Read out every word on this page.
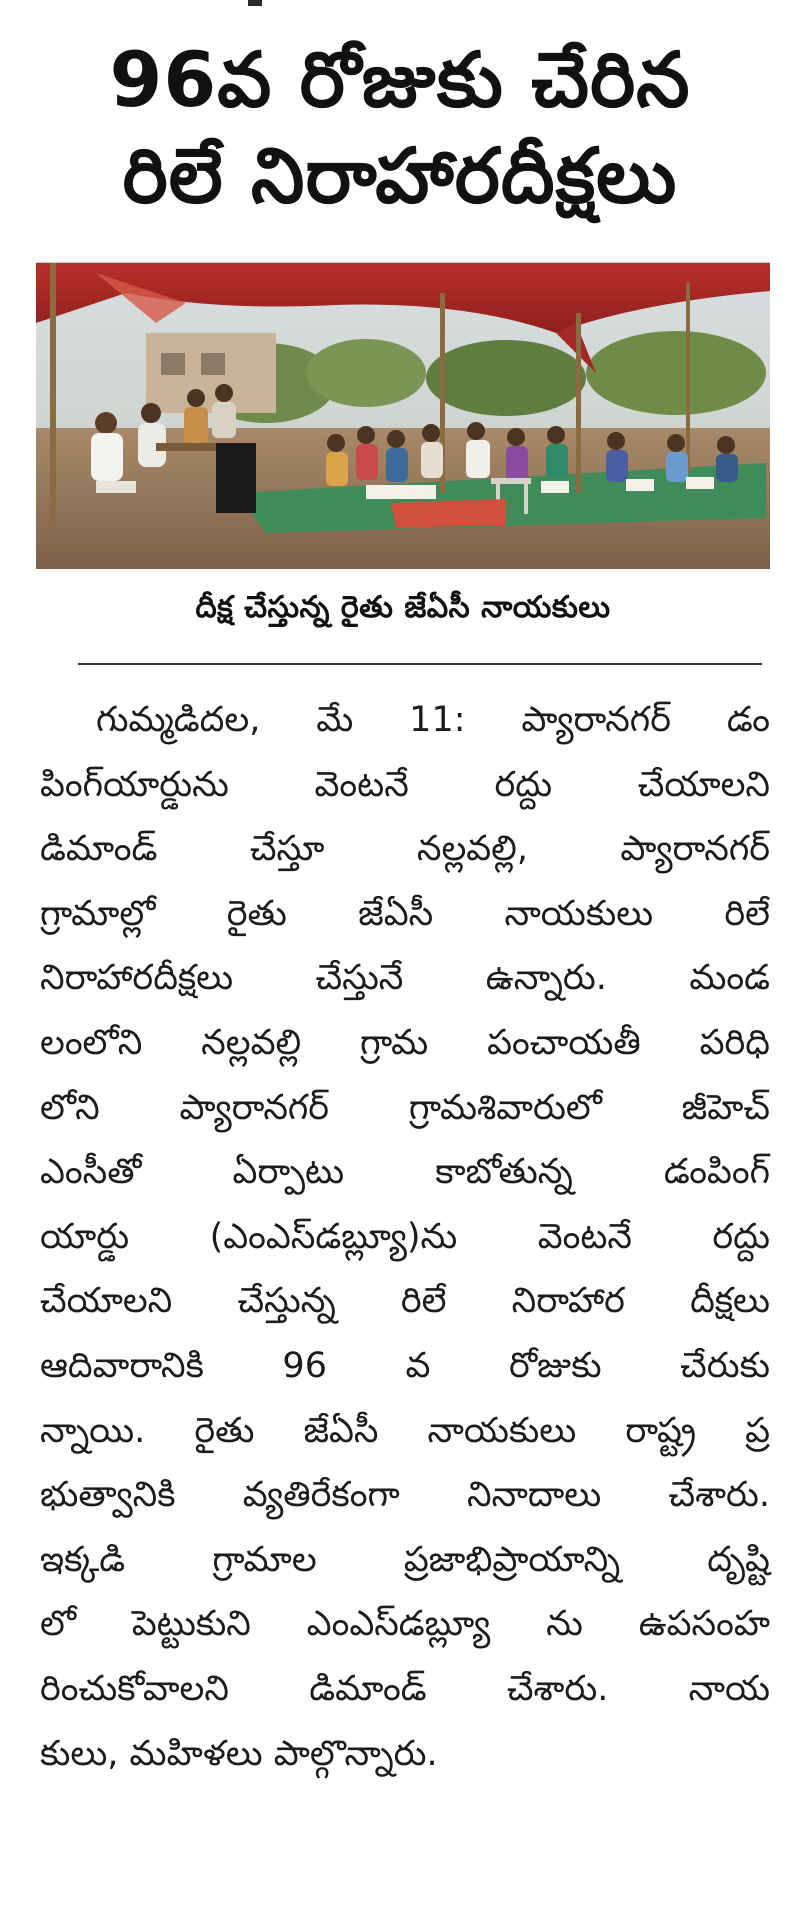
96వ రోజుకు చేరిన
రిలే నిరాహారదీక్షలు
దీక్ష చేస్తున్న రైతు జేఏసీ నాయకులు
గుమ్మడిదల, మే 11: ప్యారానగర్ డం
పింగ్‌యార్డును వెంటనే రద్దు చేయాలని
డిమాండ్ చేస్తూ నల్లవల్లి, ప్యారానగర్
గ్రామాల్లో రైతు జేఏసీ నాయకులు రిలే
నిరాహారదీక్షలు చేస్తునే ఉన్నారు. మండ
లంలోని నల్లవల్లి గ్రామ పంచాయతీ పరిధి
లోని ప్యారానగర్ గ్రామశివారులో జీహెచ్
ఎంసీతో ఏర్పాటు కాబోతున్న డంపింగ్
యార్డు (ఎంఎస్‌డబ్ల్యూ)ను వెంటనే రద్దు
చేయాలని చేస్తున్న రిలే నిరాహార దీక్షలు
ఆదివారానికి 96 వ రోజుకు చేరుకు
న్నాయి. రైతు జేఏసీ నాయకులు రాష్ట్ర ప్ర
భుత్వానికి వ్యతిరేకంగా నినాదాలు చేశారు.
ఇక్కడి గ్రామాల ప్రజాభిప్రాయాన్ని దృష్టి
లో పెట్టుకుని ఎంఎస్‌డబ్ల్యూ ను ఉపసంహ
రించుకోవాలని డిమాండ్ చేశారు. నాయ
కులు, మహిళలు పాల్గొన్నారు.
